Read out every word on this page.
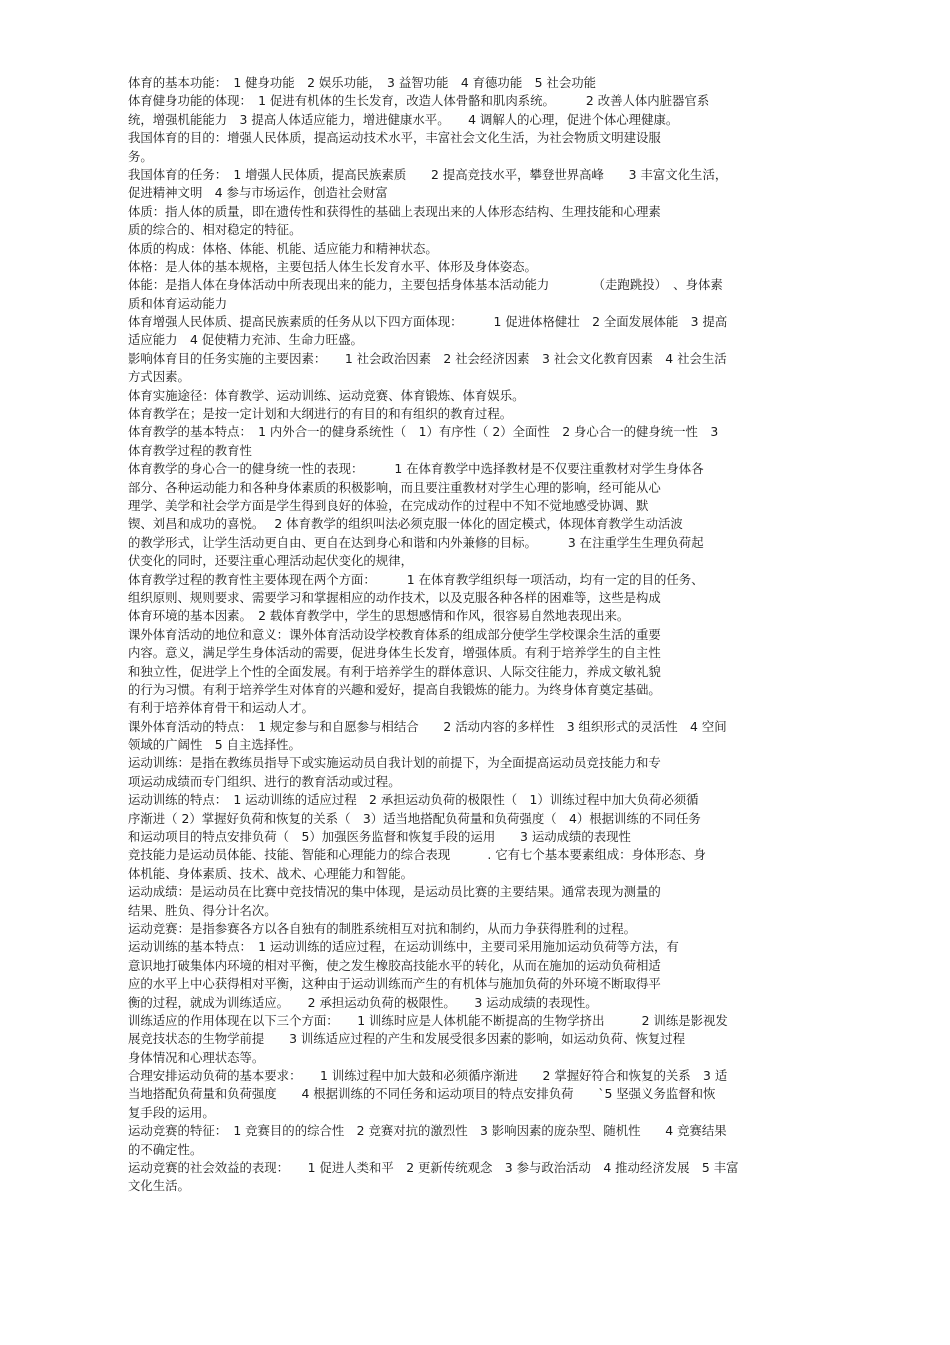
体育的基本功能：　1 健身功能　2 娱乐功能，　3 益智功能　4 育德功能　5 社会功能
体育健身功能的体现：　1 促进有机体的生长发育，改造人体骨骼和肌肉系统。　　　2 改善人体内脏器官系
统，增强机能能力　3 提高人体适应能力，增进健康水平。　　4 调解人的心理，促进个体心理健康。
我国体育的目的：增强人民体质，提高运动技术水平，丰富社会文化生活，为社会物质文明建设服
务。
我国体育的任务：　1 增强人民体质，提高民族素质　　2 提高竞技水平，攀登世界高峰　　3 丰富文化生活，
促进精神文明　4 参与市场运作，创造社会财富
体质：指人体的质量，即在遗传性和获得性的基础上表现出来的人体形态结构、生理技能和心理素
质的综合的、相对稳定的特征。
体质的构成：体格、体能、机能、适应能力和精神状态。
体格：是人体的基本规格，主要包括人体生长发育水平、体形及身体姿态。
体能：是指人体在身体活动中所表现出来的能力，主要包括身体基本活动能力　　　　（走跑跳投）　、身体素
质和体育运动能力
体育增强人民体质、提高民族素质的任务从以下四方面体现：　　　1 促进体格健壮　2 全面发展体能　3 提高
适应能力　4 促使精力充沛、生命力旺盛。
影响体育目的任务实施的主要因素：　　1 社会政治因素　2 社会经济因素　3 社会文化教育因素　4 社会生活
方式因素。
体育实施途径：体育教学、运动训练、运动竞赛、体育锻炼、体育娱乐。
体育教学在；是按一定计划和大纲进行的有目的和有组织的教育过程。
体育教学的基本特点：　1 内外合一的健身系统性（　1）有序性（ 2）全面性　2 身心合一的健身统一性　3
体育教学过程的教育性
体育教学的身心合一的健身统一性的表现：　　　1 在体育教学中选择教材是不仅要注重教材对学生身体各
部分、各种运动能力和各种身体素质的积极影响，而且要注重教材对学生心理的影响，经可能从心
理学、美学和社会学方面是学生得到良好的体验，在完成动作的过程中不知不觉地感受协调、默
锲、刘昌和成功的喜悦。　 2 体育教学的组织叫法必须克服一体化的固定模式，体现体育教学生动活波
的教学形式，让学生活动更自由、更自在达到身心和谐和内外兼修的目标。　　　3 在注重学生生理负荷起
伏变化的同时，还要注重心理活动起伏变化的规律，
体育教学过程的教育性主要体现在两个方面：　　　1 在体育教学组织每一项活动，均有一定的目的任务、
组织原则、规则要求、需要学习和掌握相应的动作技术，以及克服各种各样的困难等，这些是构成
体育环境的基本因素。　2 载体育教学中，学生的思想感情和作风，很容易自然地表现出来。
课外体育活动的地位和意义：课外体育活动设学校教育体系的组成部分使学生学校课余生活的重要
内容。意义，满足学生身体活动的需要，促进身体生长发育，增强体质。有利于培养学生的自主性
和独立性，促进学上个性的全面发展。有利于培养学生的群体意识、人际交往能力，养成文敏礼貌
的行为习惯。有利于培养学生对体育的兴趣和爱好，提高自我锻炼的能力。为终身体育奠定基础。
有利于培养体育骨干和运动人才。
课外体育活动的特点：　1 规定参与和自愿参与相结合　　2 活动内容的多样性　3 组织形式的灵活性　4 空间
领域的广阔性　5 自主选择性。
运动训练：是指在教练员指导下或实施运动员自我计划的前提下，为全面提高运动员竞技能力和专
项运动成绩而专门组织、进行的教育活动或过程。
运动训练的特点：　1 运动训练的适应过程　2 承担运动负荷的极限性（　1）训练过程中加大负荷必须循
序渐进（ 2）掌握好负荷和恢复的关系（　3）适当地搭配负荷量和负荷强度（　4）根据训练的不同任务
和运动项目的特点安排负荷（　5）加强医务监督和恢复手段的运用　　3 运动成绩的表现性
竞技能力是运动员体能、技能、智能和心理能力的综合表现　　　. 它有七个基本要素组成：身体形态、身
体机能、身体素质、技术、战术、心理能力和智能。
运动成绩：是运动员在比赛中竞技情况的集中体现，是运动员比赛的主要结果。通常表现为测量的
结果、胜负、得分计名次。
运动竞赛：是指参赛各方以各自独有的制胜系统相互对抗和制约，从而力争获得胜利的过程。
运动训练的基本特点：　1 运动训练的适应过程，在运动训练中，主要司采用施加运动负荷等方法，有
意识地打破集体内环境的相对平衡，使之发生橡胶高技能水平的转化，从而在施加的运动负荷相适
应的水平上中心获得相对平衡，这种由于运动训练而产生的有机体与施加负荷的外环境不断取得平
衡的过程，就成为训练适应。　　2 承担运动负荷的极限性。　　3 运动成绩的表现性。
训练适应的作用体现在以下三个方面：　　1 训练时应是人体机能不断提高的生物学挤出　　　2 训练是影视发
展竞技状态的生物学前提　　3 训练适应过程的产生和发展受很多因素的影响，如运动负荷、恢复过程
身体情况和心理状态等。
合理安排运动负荷的基本要求：　　1 训练过程中加大鼓和必须循序渐进　　2 掌握好符合和恢复的关系　3 适
当地搭配负荷量和负荷强度　　4 根据训练的不同任务和运动项目的特点安排负荷　　`5 坚强义务监督和恢
复手段的运用。
运动竞赛的特征：　1 竞赛目的的综合性　2 竞赛对抗的激烈性　3 影响因素的庞杂型、随机性　　4 竞赛结果
的不确定性。
运动竞赛的社会效益的表现：　　1 促进人类和平　2 更新传统观念　3 参与政治活动　4 推动经济发展　5 丰富
文化生活。
